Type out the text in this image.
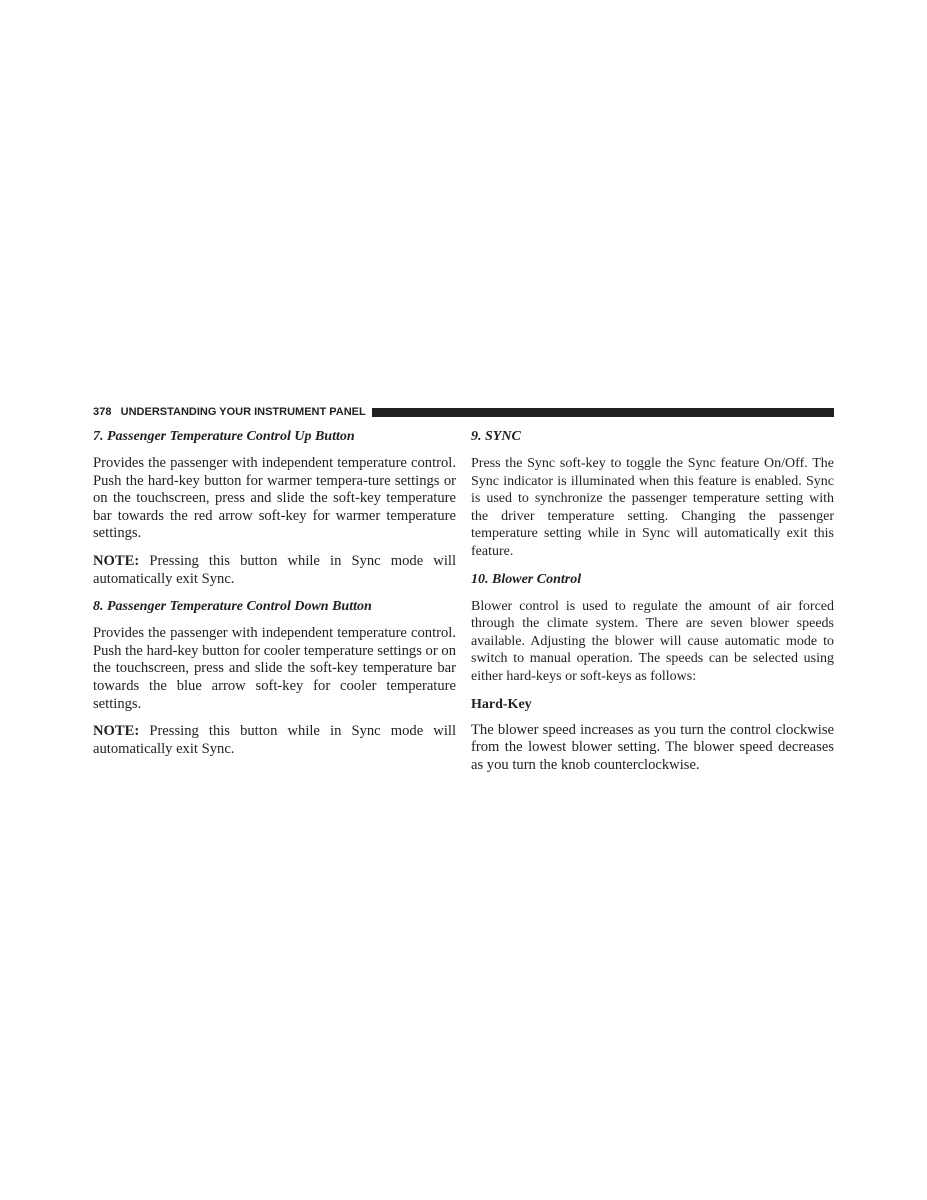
378 UNDERSTANDING YOUR INSTRUMENT PANEL

7. Passenger Temperature Control Up Button

Provides the passenger with independent temperature control. Push the hard-key button for warmer tempera-ture settings or on the touchscreen, press and slide the soft-key temperature bar towards the red arrow soft-key for warmer temperature settings.

NOTE: Pressing this button while in Sync mode will automatically exit Sync.

8. Passenger Temperature Control Down Button

Provides the passenger with independent temperature control. Push the hard-key button for cooler temperature settings or on the touchscreen, press and slide the soft-key temperature bar towards the blue arrow soft-key for cooler temperature settings.

NOTE: Pressing this button while in Sync mode will automatically exit Sync.

9. SYNC

Press the Sync soft-key to toggle the Sync feature On/Off. The Sync indicator is illuminated when this feature is enabled. Sync is used to synchronize the passenger temperature setting with the driver temperature setting. Changing the passenger temperature setting while in Sync will automatically exit this feature.

10. Blower Control

Blower control is used to regulate the amount of air forced through the climate system. There are seven blower speeds available. Adjusting the blower will cause automatic mode to switch to manual operation. The speeds can be selected using either hard-keys or soft-keys as follows:

Hard-Key

The blower speed increases as you turn the control clockwise from the lowest blower setting. The blower speed decreases as you turn the knob counterclockwise.
